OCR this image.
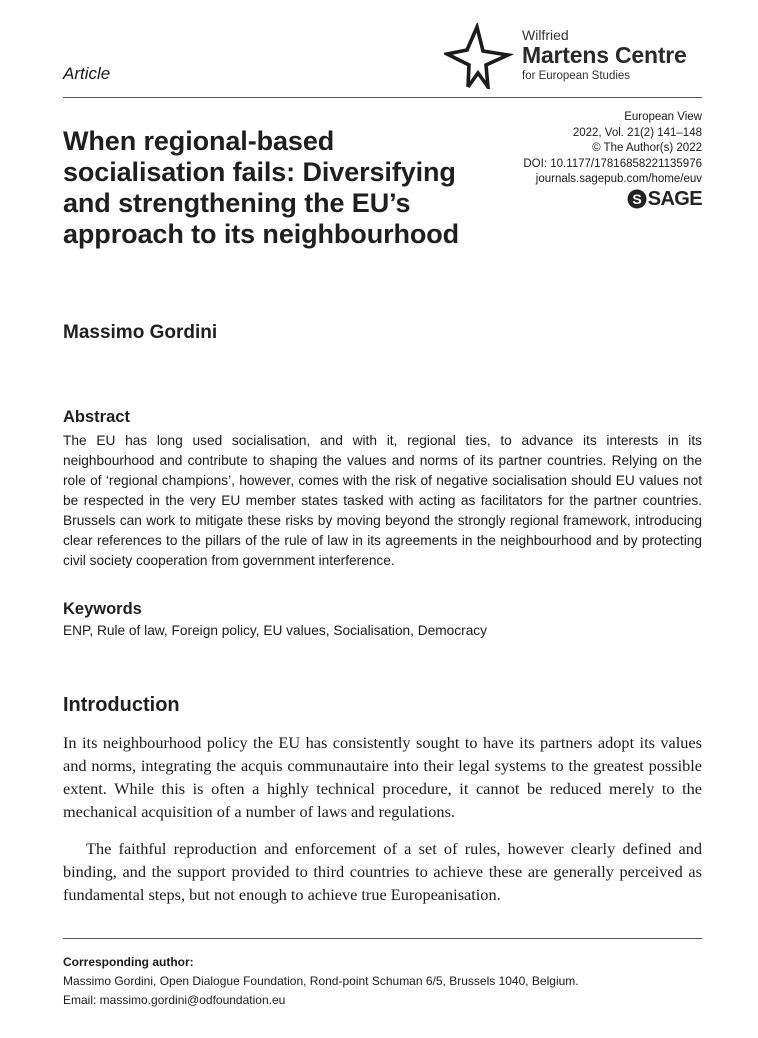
Article
Wilfried
Martens Centre
for European Studies
When regional-based socialisation fails: Diversifying and strengthening the EU’s approach to its neighbourhood
European View
2022, Vol. 21(2) 141–148
© The Author(s) 2022
DOI: 10.1177/17816858221135976
journals.sagepub.com/home/euv
S SAGE
Massimo Gordini
Abstract
The EU has long used socialisation, and with it, regional ties, to advance its interests in its neighbourhood and contribute to shaping the values and norms of its partner countries. Relying on the role of ‘regional champions’, however, comes with the risk of negative socialisation should EU values not be respected in the very EU member states tasked with acting as facilitators for the partner countries. Brussels can work to mitigate these risks by moving beyond the strongly regional framework, introducing clear references to the pillars of the rule of law in its agreements in the neighbourhood and by protecting civil society cooperation from government interference.
Keywords
ENP, Rule of law, Foreign policy, EU values, Socialisation, Democracy
Introduction
In its neighbourhood policy the EU has consistently sought to have its partners adopt its values and norms, integrating the acquis communautaire into their legal systems to the greatest possible extent. While this is often a highly technical procedure, it cannot be reduced merely to the mechanical acquisition of a number of laws and regulations.
The faithful reproduction and enforcement of a set of rules, however clearly defined and binding, and the support provided to third countries to achieve these are generally perceived as fundamental steps, but not enough to achieve true Europeanisation.
Corresponding author:
Massimo Gordini, Open Dialogue Foundation, Rond-point Schuman 6/5, Brussels 1040, Belgium.
Email: massimo.gordini@odfoundation.eu
